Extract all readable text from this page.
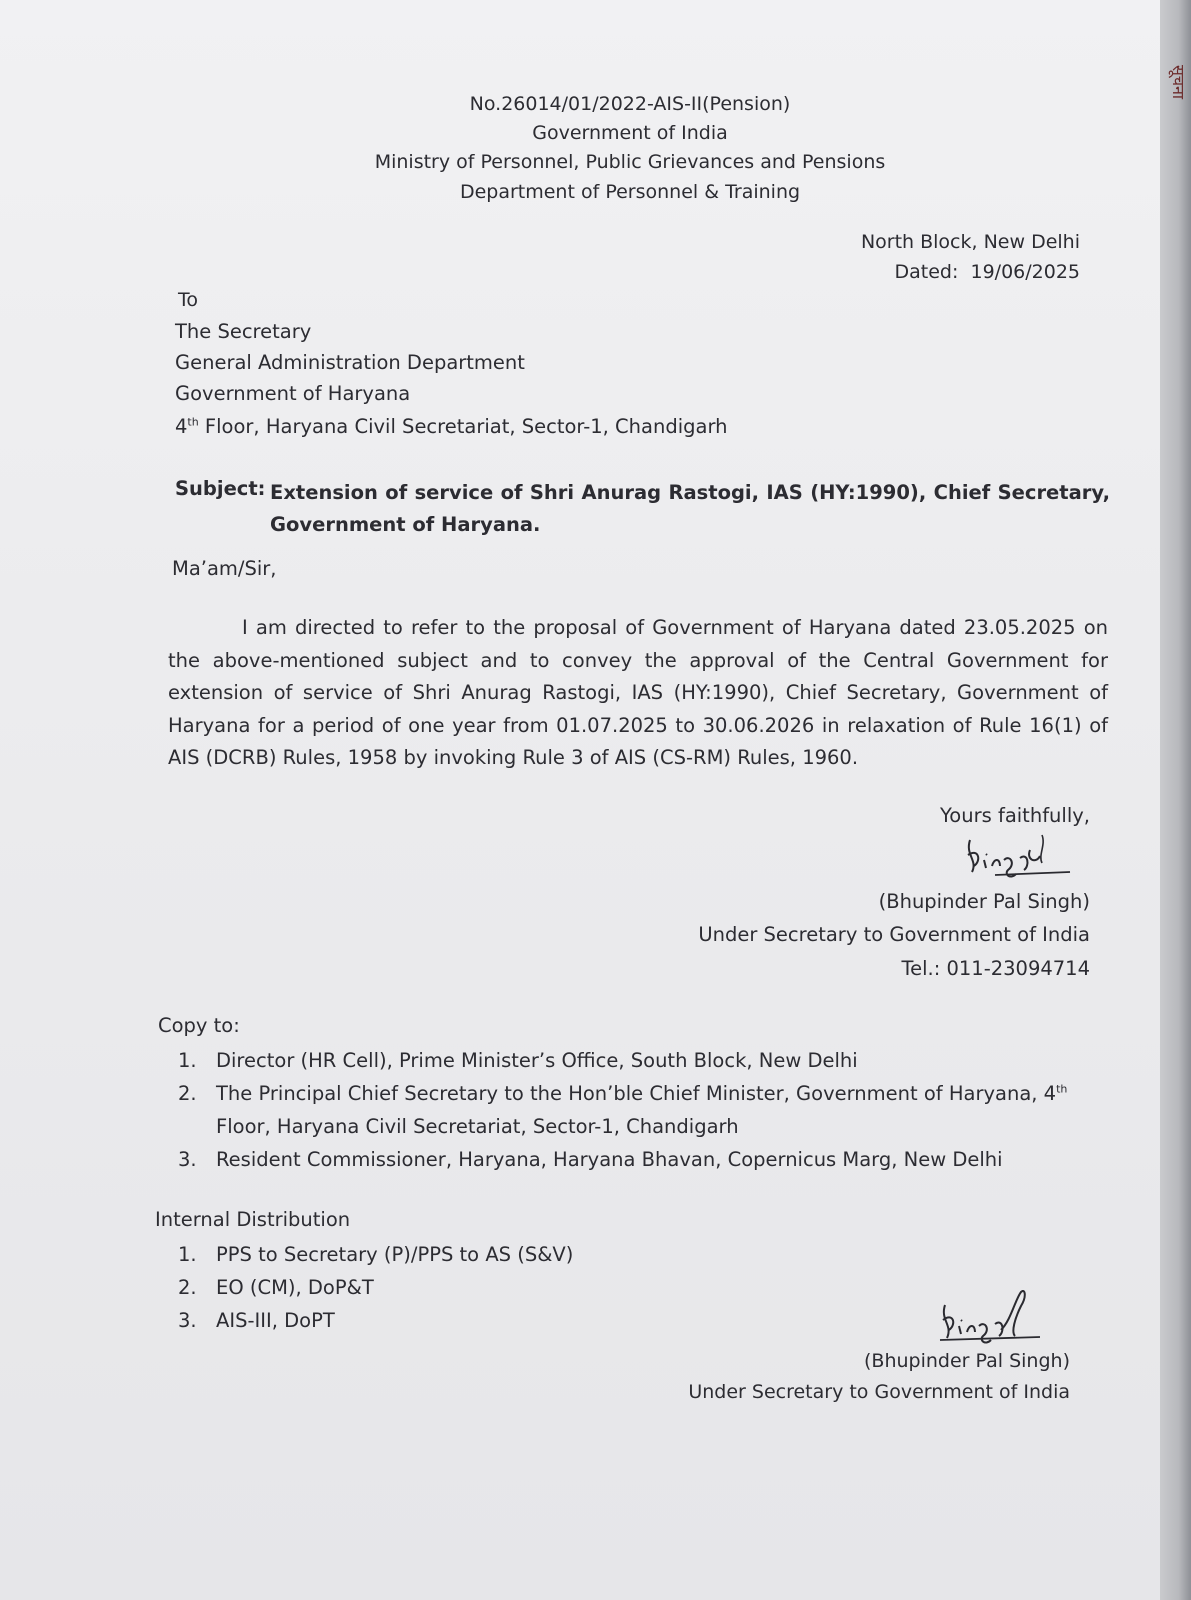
No.26014/01/2022-AIS-II(Pension)
Government of India
Ministry of Personnel, Public Grievances and Pensions
Department of Personnel & Training
North Block, New Delhi
Dated: 19/06/2025
To
The Secretary
General Administration Department
Government of Haryana
4th Floor, Haryana Civil Secretariat, Sector-1, Chandigarh
Subject: Extension of service of Shri Anurag Rastogi, IAS (HY:1990), Chief Secretary, Government of Haryana.
Ma’am/Sir,
I am directed to refer to the proposal of Government of Haryana dated 23.05.2025 on the above-mentioned subject and to convey the approval of the Central Government for extension of service of Shri Anurag Rastogi, IAS (HY:1990), Chief Secretary, Government of Haryana for a period of one year from 01.07.2025 to 30.06.2026 in relaxation of Rule 16(1) of AIS (DCRB) Rules, 1958 by invoking Rule 3 of AIS (CS-RM) Rules, 1960.
Yours faithfully,
(Bhupinder Pal Singh)
Under Secretary to Government of India
Tel.: 011-23094714
Copy to:
1. Director (HR Cell), Prime Minister’s Office, South Block, New Delhi
2. The Principal Chief Secretary to the Hon’ble Chief Minister, Government of Haryana, 4th Floor, Haryana Civil Secretariat, Sector-1, Chandigarh
3. Resident Commissioner, Haryana, Haryana Bhavan, Copernicus Marg, New Delhi
Internal Distribution
1. PPS to Secretary (P)/PPS to AS (S&V)
2. EO (CM), DoP&T
3. AIS-III, DoPT
(Bhupinder Pal Singh)
Under Secretary to Government of India
सूचना
